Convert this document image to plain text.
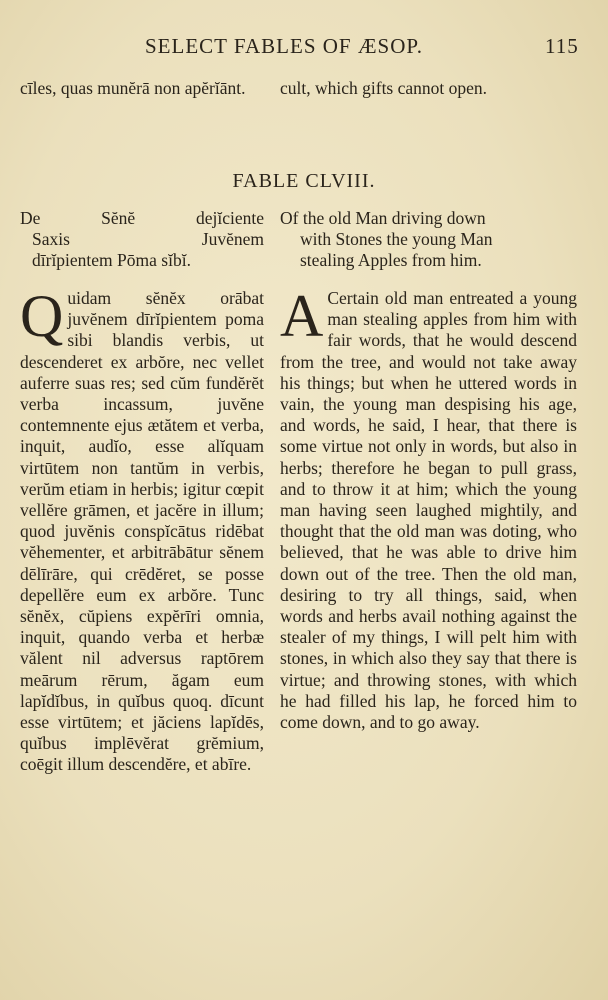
SELECT FABLES OF ÆSOP.	115
cīles, quas munĕrā non apĕrĭānt.	cult, which gifts cannot open.
FABLE CLVIII.
De Sĕnĕ dejĭciente
Saxis Juvĕnem
dīrĭpientem Pōma sĭbĭ.
Of the old Man driving down
with Stones the young Man
stealing Apples from him.

Quidam sĕnĕx orābat juvĕnem dīrĭpientem poma sibi blandis verbis, ut descenderet ex arbŏre, nec vellet auferre suas res; sed cŭm fundĕrĕt verba incassum, juvĕne contemnente ejus ætătem et verba, inquit, audĭo, esse alĭquam virtūtem non tantŭm in verbis, verŭm etiam in herbis; igitur cœpit vellĕre grāmen, et jacĕre in illum; quod juvĕnis conspĭcātus ridēbat vĕhementer, et arbitrābātur sĕnem dēlīrāre, qui crēdĕret, se posse depellĕre eum ex arbŏre. Tunc sĕnĕx, cŭpiens expĕrīri omnia, inquit, quando verba et herbæ vălent nil adversus raptōrem meārum rērum, ăgam eum lapĭdĭbus, in quĭbus quoq. dīcunt esse virtūtem; et jăciens lapĭdēs, quĭbus implēvĕrat grĕmium, coēgit illum descendĕre, et abīre.

A Certain old man entreated a young man stealing apples from him with fair words, that he would descend from the tree, and would not take away his things; but when he uttered words in vain, the young man despising his age, and words, he said, I hear, that there is some virtue not only in words, but also in herbs; therefore he began to pull grass, and to throw it at him; which the young man having seen laughed mightily, and thought that the old man was doting, who believed, that he was able to drive him down out of the tree. Then the old man, desiring to try all things, said, when words and herbs avail nothing against the stealer of my things, I will pelt him with stones, in which also they say that there is virtue; and throwing stones, with which he had filled his lap, he forced him to come down, and to go away.
